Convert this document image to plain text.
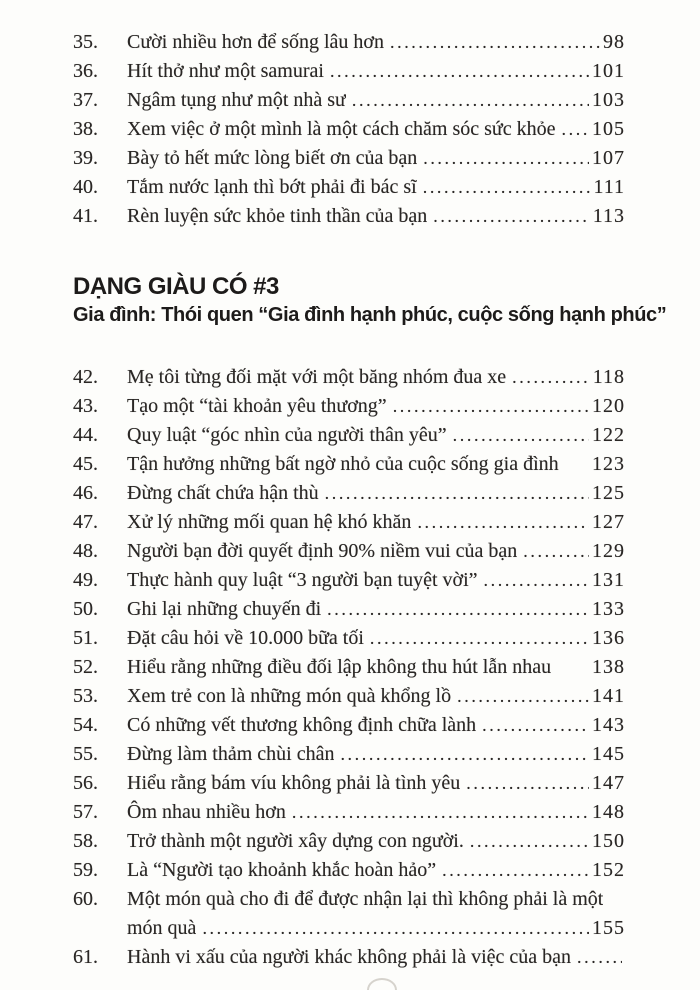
35.	Cười nhiều hơn để sống lâu hơn .....	98
36.	Hít thở như một samurai .....	101
37.	Ngâm tụng như một nhà sư .....	103
38.	Xem việc ở một mình là một cách chăm sóc sức khỏe ..... 105
39.	Bày tỏ hết mức lòng biết ơn của bạn .....	107
40.	Tắm nước lạnh thì bớt phải đi bác sĩ .....	111
41.	Rèn luyện sức khỏe tinh thần của bạn .....	113
DẠNG GIÀU CÓ #3
Gia đình: Thói quen “Gia đình hạnh phúc, cuộc sống hạnh phúc”
42.	Mẹ tôi từng đối mặt với một băng nhóm đua xe .....	118
43.	Tạo một “tài khoản yêu thương” .....	120
44.	Quy luật “góc nhìn của người thân yêu” .....	122
45.	Tận hưởng những bất ngờ nhỏ của cuộc sống gia đình 123
46.	Đừng chất chứa hận thù .....	125
47.	Xử lý những mối quan hệ khó khăn .....	127
48.	Người bạn đời quyết định 90% niềm vui của bạn .....	129
49.	Thực hành quy luật “3 người bạn tuyệt vời” .....	131
50.	Ghi lại những chuyến đi .....	133
51.	Đặt câu hỏi về 10.000 bữa tối .....	136
52.	Hiểu rằng những điều đối lập không thu hút lẫn nhau 138
53.	Xem trẻ con là những món quà khổng lồ .....	141
54.	Có những vết thương không định chữa lành .....	143
55.	Đừng làm thảm chùi chân .....	145
56.	Hiểu rằng bám víu không phải là tình yêu .....	147
57.	Ôm nhau nhiều hơn .....	148
58.	Trở thành một người xây dựng con người. .....	150
59.	Là “Người tạo khoảnh khắc hoàn hảo” .....	152
60.	Một món quà cho đi để được nhận lại thì không phải là một
món quà .....	155
61.	Hành vi xấu của người khác không phải là việc của bạn
.....
